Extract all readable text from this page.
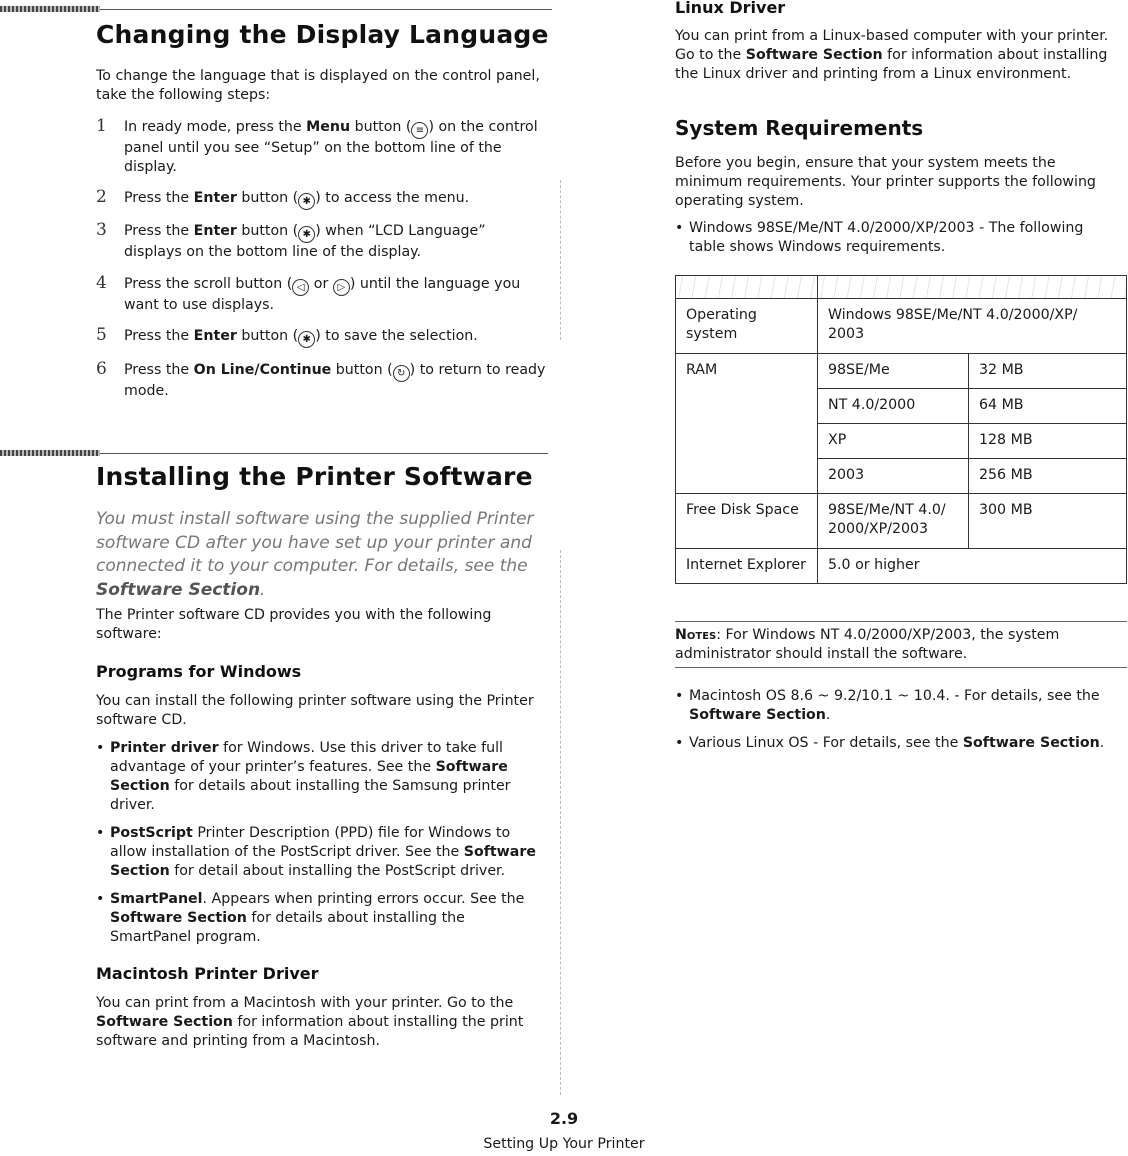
Changing the Display Language

To change the language that is displayed on the control panel, take the following steps:

1 In ready mode, press the Menu button ( ≡ ) on the control panel until you see “Setup” on the bottom line of the display.

2 Press the Enter button ( ✱ ) to access the menu.

3 Press the Enter button ( ✱ ) when “LCD Language” displays on the bottom line of the display.

4 Press the scroll button ( ◁ or ▷ ) until the language you want to use displays.

5 Press the Enter button ( ✱ ) to save the selection.

6 Press the On Line/Continue button ( ↻ ) to return to ready mode.

Installing the Printer Software

You must install software using the supplied Printer software CD after you have set up your printer and connected it to your computer. For details, see the Software Section.

The Printer software CD provides you with the following software:

Programs for Windows

You can install the following printer software using the Printer software CD.

• Printer driver for Windows. Use this driver to take full advantage of your printer’s features. See the Software Section for details about installing the Samsung printer driver.
• PostScript Printer Description (PPD) file for Windows to allow installation of the PostScript driver. See the Software Section for detail about installing the PostScript driver.
• SmartPanel. Appears when printing errors occur. See the Software Section for details about installing the SmartPanel program.
Macintosh Printer Driver

You can print from a Macintosh with your printer. Go to the Software Section for information about installing the print software and printing from a Macintosh.

Linux Driver

You can print from a Linux-based computer with your printer. Go to the Software Section for information about installing the Linux driver and printing from a Linux environment.

System Requirements

Before you begin, ensure that your system meets the minimum requirements. Your printer supports the following operating system.

• Windows 98SE/Me/NT 4.0/2000/XP/2003 - The following table shows Windows requirements.

Operating system	Windows 98SE/Me/NT 4.0/2000/XP/ 2003	
RAM	98SE/Me	32 MB
	NT 4.0/2000	64 MB
	XP	128 MB
	2003	256 MB
Free Disk Space	98SE/Me/NT 4.0/ 2000/XP/2003	300 MB
Internet Explorer	5.0 or higher	

Notes: For Windows NT 4.0/2000/XP/2003, the system administrator should install the software.

• Macintosh OS 8.6 ~ 9.2/10.1 ~ 10.4. - For details, see the Software Section.
• Various Linux OS - For details, see the Software Section.
2.9
Setting Up Your Printer
